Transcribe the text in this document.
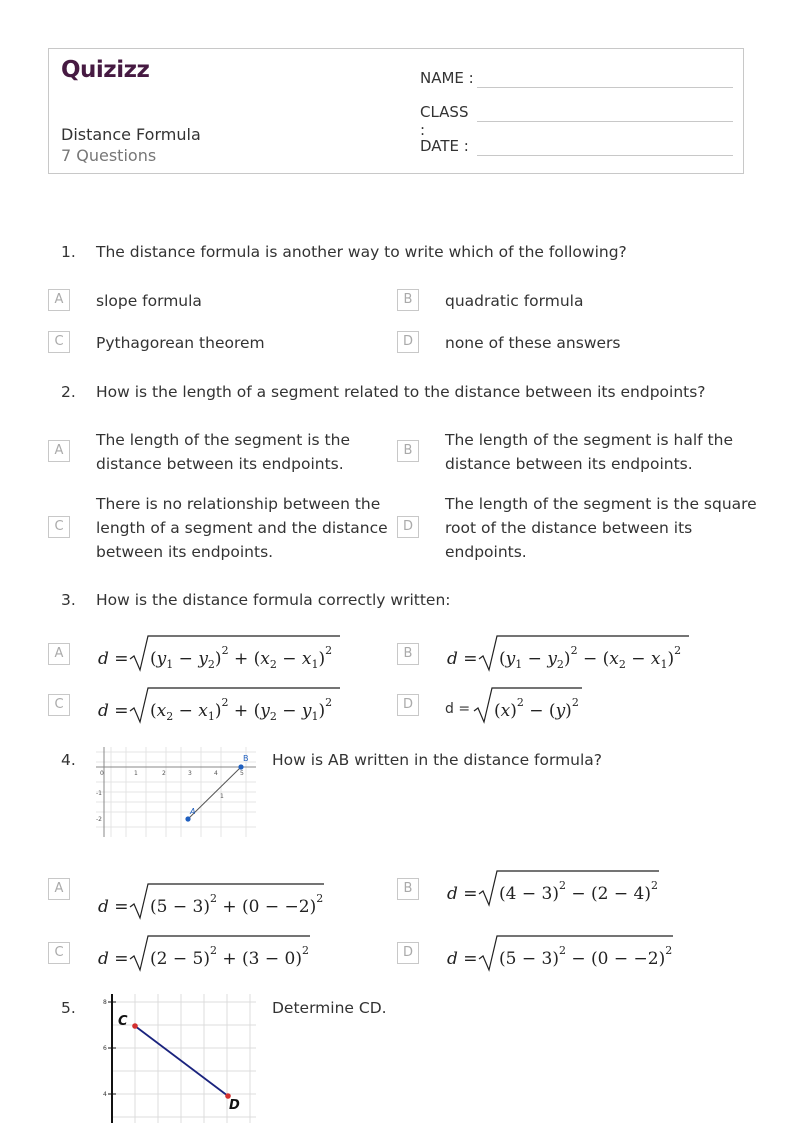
Quizizz
Distance Formula
7 Questions
NAME :
CLASS :
DATE :
1. The distance formula is another way to write which of the following?
A	slope formula	B	quadratic formula
C	Pythagorean theorem	D	none of these answers
2. How is the length of a segment related to the distance between its endpoints?
A
The length of the segment is the
distance between its endpoints.
B
The length of the segment is half the
distance between its endpoints.
C
There is no relationship between the
length of a segment and the distance
between its endpoints.
D
The length of the segment is the square
root of the distance between its
endpoints.
3. How is the distance formula correctly written:
A	$d = (y_1 - y_2)^2 + (x_2 - x_1)^2$	B	$d = (y_1 - y_2)^2 - (x_2 - x_1)^2$
C	$d = (x_2 - x_1)^2 + (y_2 - y_1)^2$	D	$d = (x)^2 - (y)^2$
4.
0	1	2	3	4	5
-1
-2
A
B
1
How is AB written in the distance formula?
A
$d = (5 - 3)^2 + (0 - -2)^2$
B	$d = (4 - 3)^2 - (2 - 4)^2$
C	$d = (2 - 5)^2 + (3 - 0)^2$	D	$d = (5 - 3)^2 - (0 - -2)^2$
5.	8
6
4
C
D
Determine CD.
